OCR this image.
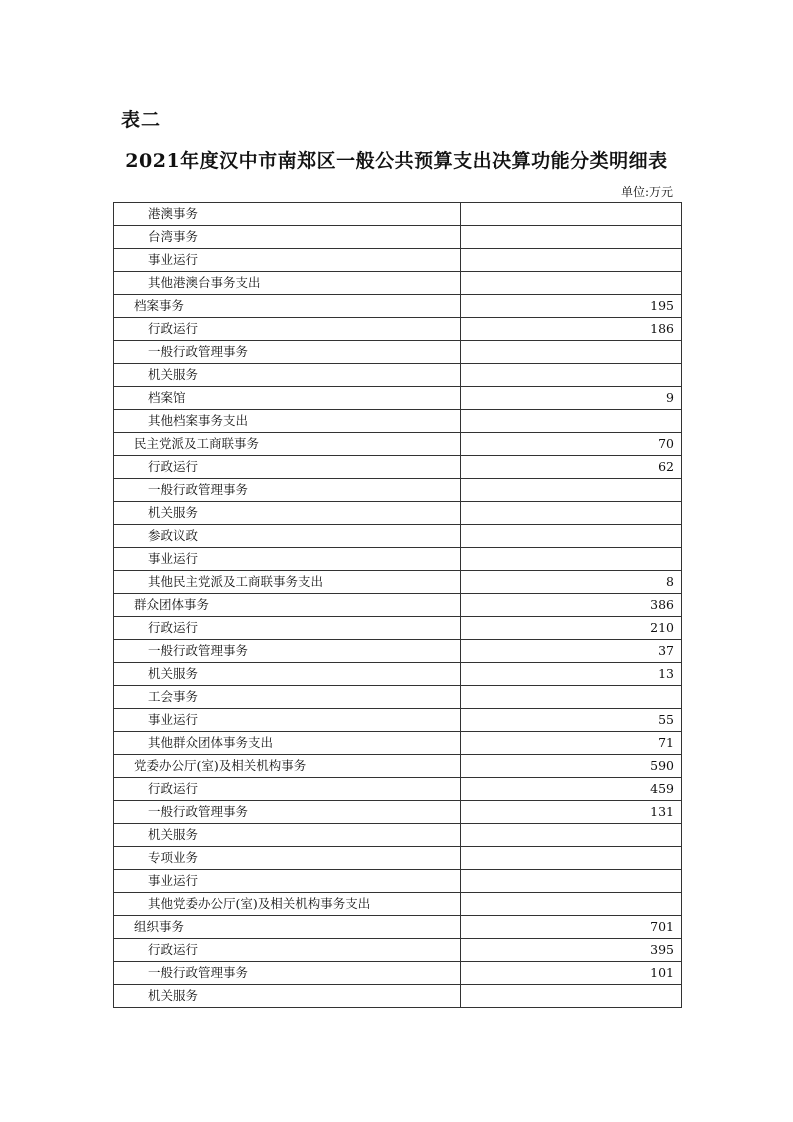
表二
2021年度汉中市南郑区一般公共预算支出决算功能分类明细表
单位:万元
港澳事务	
台湾事务	
事业运行	
其他港澳台事务支出	
档案事务	195
行政运行	186
一般行政管理事务	
机关服务	
档案馆	9
其他档案事务支出	
民主党派及工商联事务	70
行政运行	62
一般行政管理事务	
机关服务	
参政议政	
事业运行	
其他民主党派及工商联事务支出	8
群众团体事务	386
行政运行	210
一般行政管理事务	37
机关服务	13
工会事务	
事业运行	55
其他群众团体事务支出	71
党委办公厅(室)及相关机构事务	590
行政运行	459
一般行政管理事务	131
机关服务	
专项业务	
事业运行	
其他党委办公厅(室)及相关机构事务支出	
组织事务	701
行政运行	395
一般行政管理事务	101
机关服务	
